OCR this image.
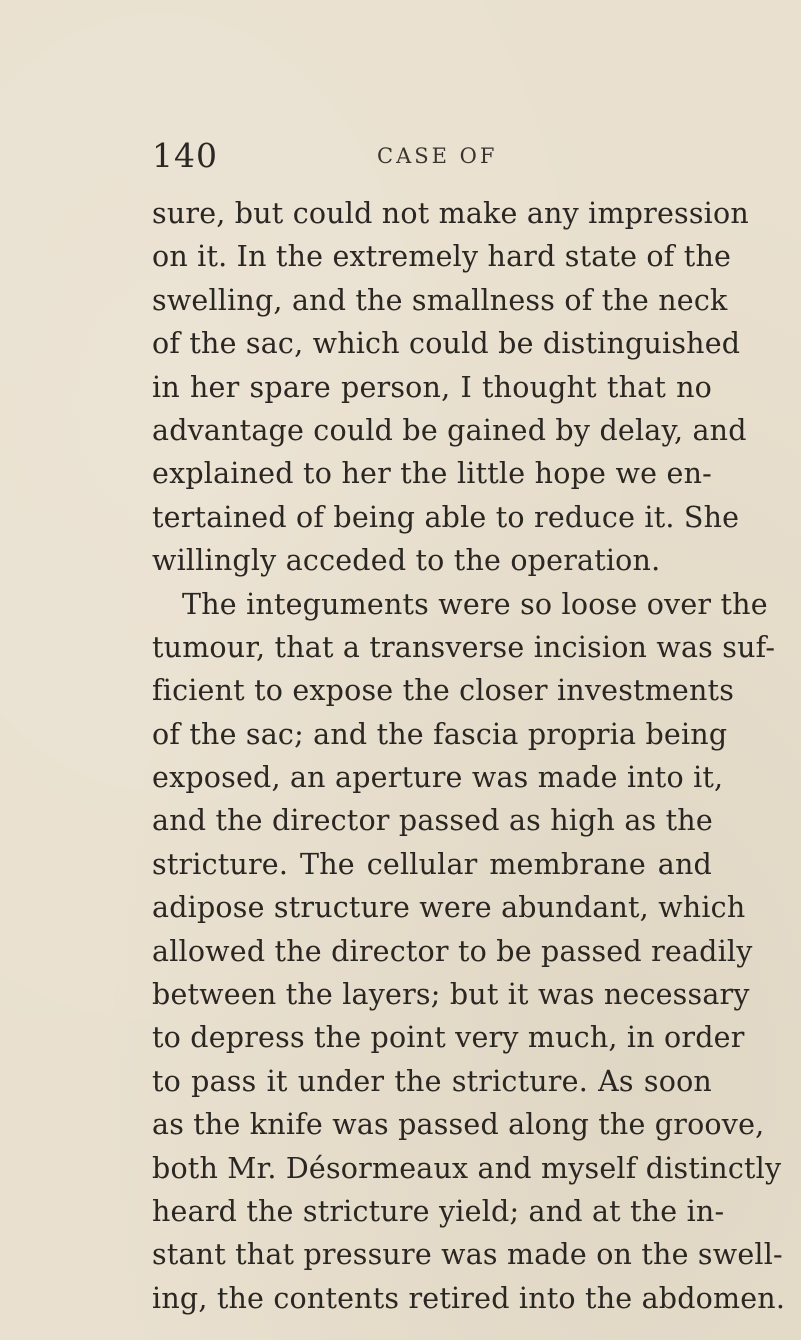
140	CASE OF
sure, but could not make any impression
on it. In the extremely hard state of the
swelling, and the smallness of the neck
of the sac, which could be distinguished
in her spare person, I thought that no
advantage could be gained by delay, and
explained to her the little hope we en-
tertained of being able to reduce it. She
willingly acceded to the operation.
The integuments were so loose over the
tumour, that a transverse incision was suf-
ficient to expose the closer investments
of the sac; and the fascia propria being
exposed, an aperture was made into it,
and the director passed as high as the
stricture. The cellular membrane and
adipose structure were abundant, which
allowed the director to be passed readily
between the layers; but it was necessary
to depress the point very much, in order
to pass it under the stricture. As soon
as the knife was passed along the groove,
both Mr. Désormeaux and myself distinctly
heard the stricture yield; and at the in-
stant that pressure was made on the swell-
ing, the contents retired into the abdomen.
